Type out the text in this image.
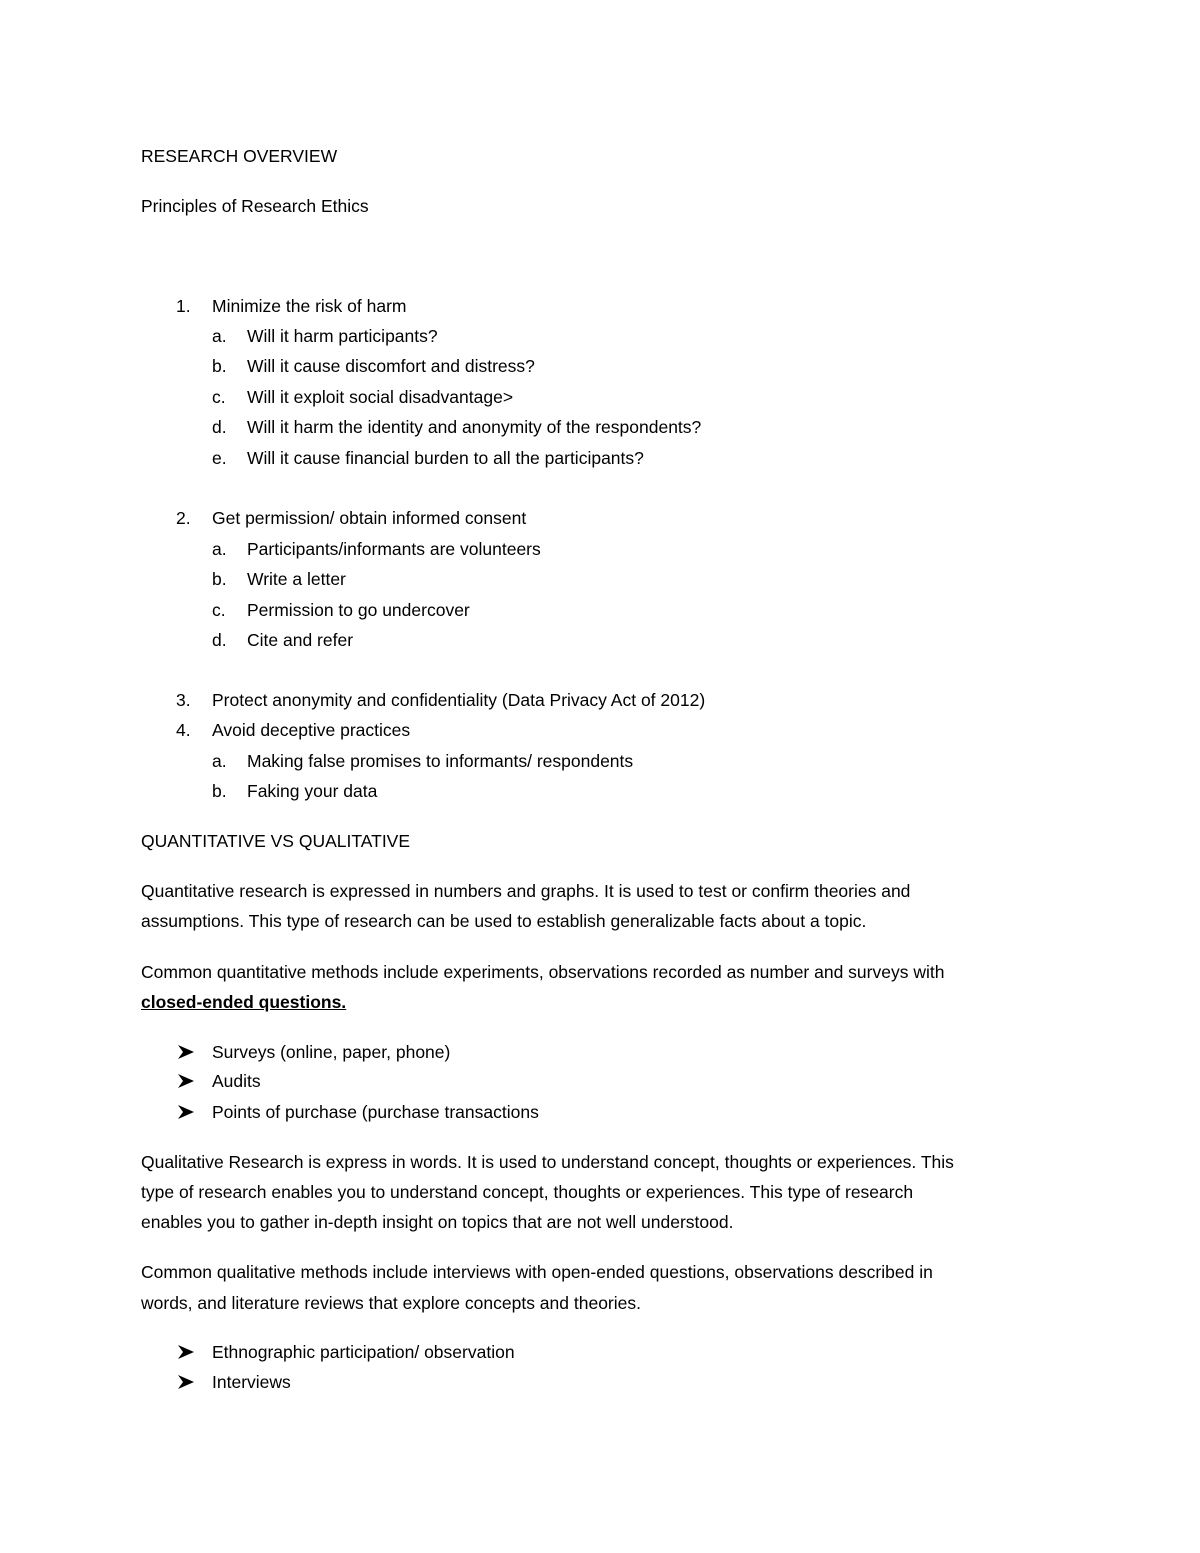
RESEARCH OVERVIEW
Principles of Research Ethics
1. Minimize the risk of harm
a. Will it harm participants?
b. Will it cause discomfort and distress?
c. Will it exploit social disadvantage>
d. Will it harm the identity and anonymity of the respondents?
e. Will it cause financial burden to all the participants?
2. Get permission/ obtain informed consent
a. Participants/informants are volunteers
b. Write a letter
c. Permission to go undercover
d. Cite and refer
3. Protect anonymity and confidentiality (Data Privacy Act of 2012)
4. Avoid deceptive practices
a. Making false promises to informants/ respondents
b. Faking your data
QUANTITATIVE VS QUALITATIVE
Quantitative research is expressed in numbers and graphs. It is used to test or confirm theories and
assumptions. This type of research can be used to establish generalizable facts about a topic.
Common quantitative methods include experiments, observations recorded as number and surveys with
closed-ended questions.
Surveys (online, paper, phone)
Audits
Points of purchase (purchase transactions
Qualitative Research is express in words. It is used to understand concept, thoughts or experiences. This
type of research enables you to understand concept, thoughts or experiences. This type of research
enables you to gather in-depth insight on topics that are not well understood.
Common qualitative methods include interviews with open-ended questions, observations described in
words, and literature reviews that explore concepts and theories.
Ethnographic participation/ observation
Interviews
